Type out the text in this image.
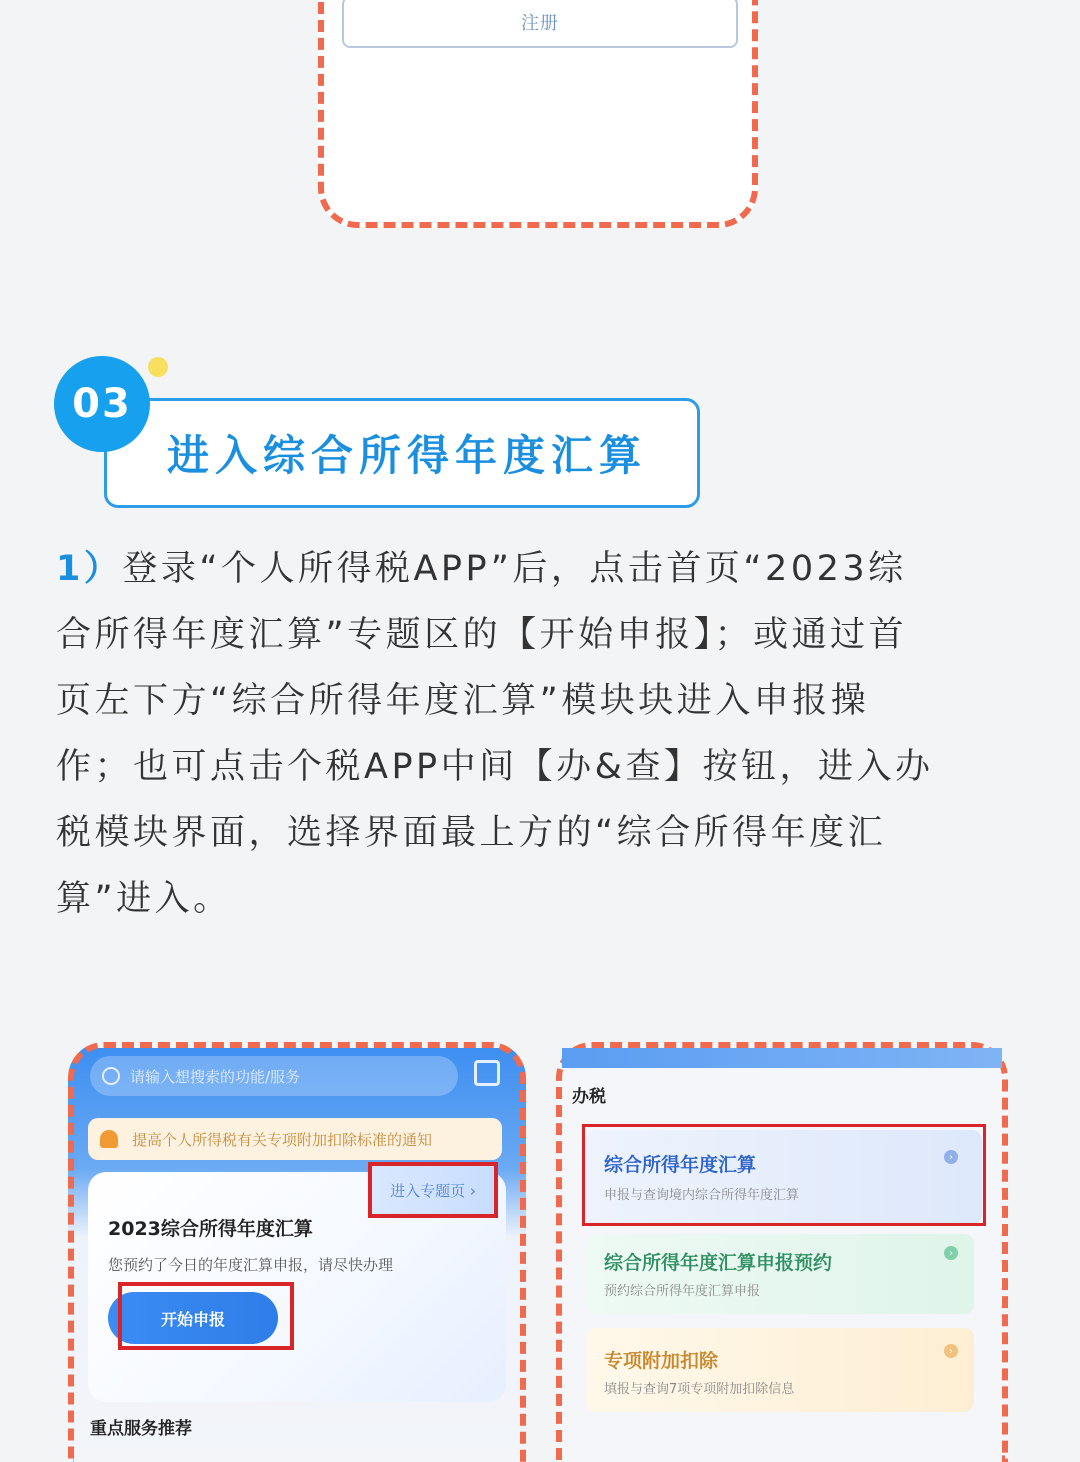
注册
进入综合所得年度汇算
03
1）登录“个人所得税APP”后，点击首页“2023综
合所得年度汇算”专题区的【开始申报】；或通过首
页左下方“综合所得年度汇算”模块块进入申报操
作；也可点击个税APP中间【办&查】按钮，进入办
税模块界面，选择界面最上方的“综合所得年度汇
算”进入。
请输入想搜索的功能/服务
提高个人所得税有关专项附加扣除标准的通知
进入专题页 ›
2023综合所得年度汇算
您预约了今日的年度汇算申报，请尽快办理
开始申报
重点服务推荐
办税
综合所得年度汇算
申报与查询境内综合所得年度汇算
›
综合所得年度汇算申报预约
预约综合所得年度汇算申报
›
专项附加扣除
填报与查询7项专项附加扣除信息
›
